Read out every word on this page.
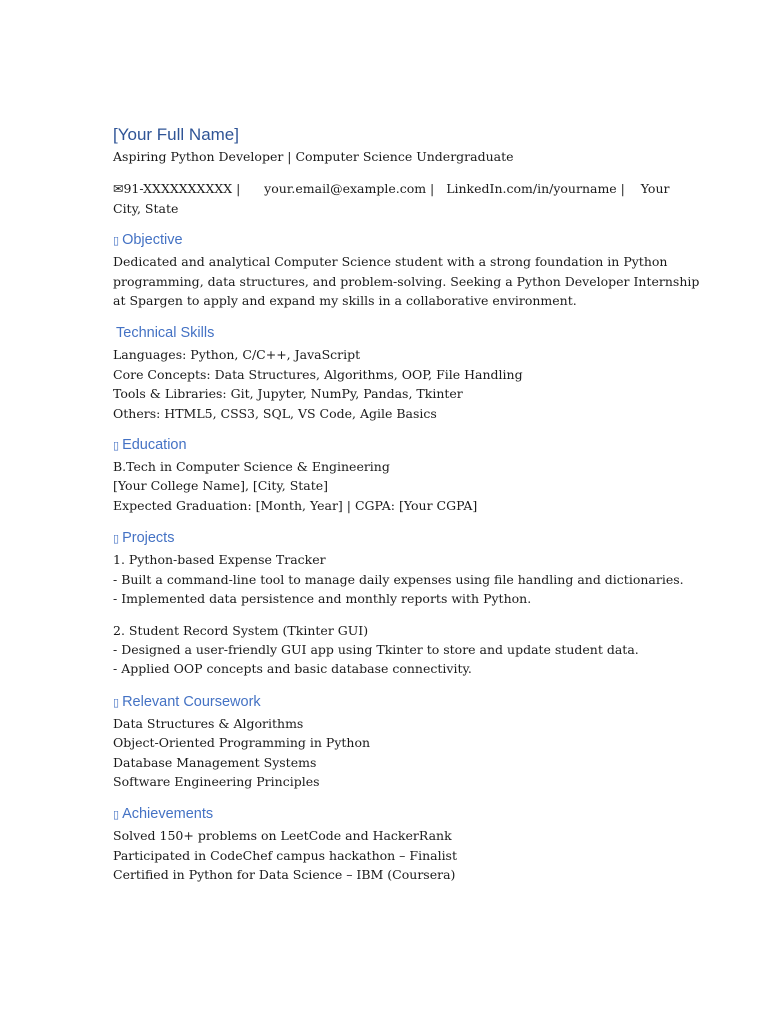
[Your Full Name]
Aspiring Python Developer | Computer Science Undergraduate
✉91-XXXXXXXXXX |      your.email@example.com |   LinkedIn.com/in/yourname |    Your
City, State
▯ Objective
Dedicated and analytical Computer Science student with a strong foundation in Python
programming, data structures, and problem-solving. Seeking a Python Developer Internship
at Spargen to apply and expand my skills in a collaborative environment.
Technical Skills
Languages: Python, C/C++, JavaScript
Core Concepts: Data Structures, Algorithms, OOP, File Handling
Tools & Libraries: Git, Jupyter, NumPy, Pandas, Tkinter
Others: HTML5, CSS3, SQL, VS Code, Agile Basics
▯ Education
B.Tech in Computer Science & Engineering
[Your College Name], [City, State]
Expected Graduation: [Month, Year] | CGPA: [Your CGPA]
▯ Projects
1. Python-based Expense Tracker
- Built a command-line tool to manage daily expenses using file handling and dictionaries.
- Implemented data persistence and monthly reports with Python.
2. Student Record System (Tkinter GUI)
- Designed a user-friendly GUI app using Tkinter to store and update student data.
- Applied OOP concepts and basic database connectivity.
▯ Relevant Coursework
Data Structures & Algorithms
Object-Oriented Programming in Python
Database Management Systems
Software Engineering Principles
▯ Achievements
Solved 150+ problems on LeetCode and HackerRank
Participated in CodeChef campus hackathon – Finalist
Certified in Python for Data Science – IBM (Coursera)
